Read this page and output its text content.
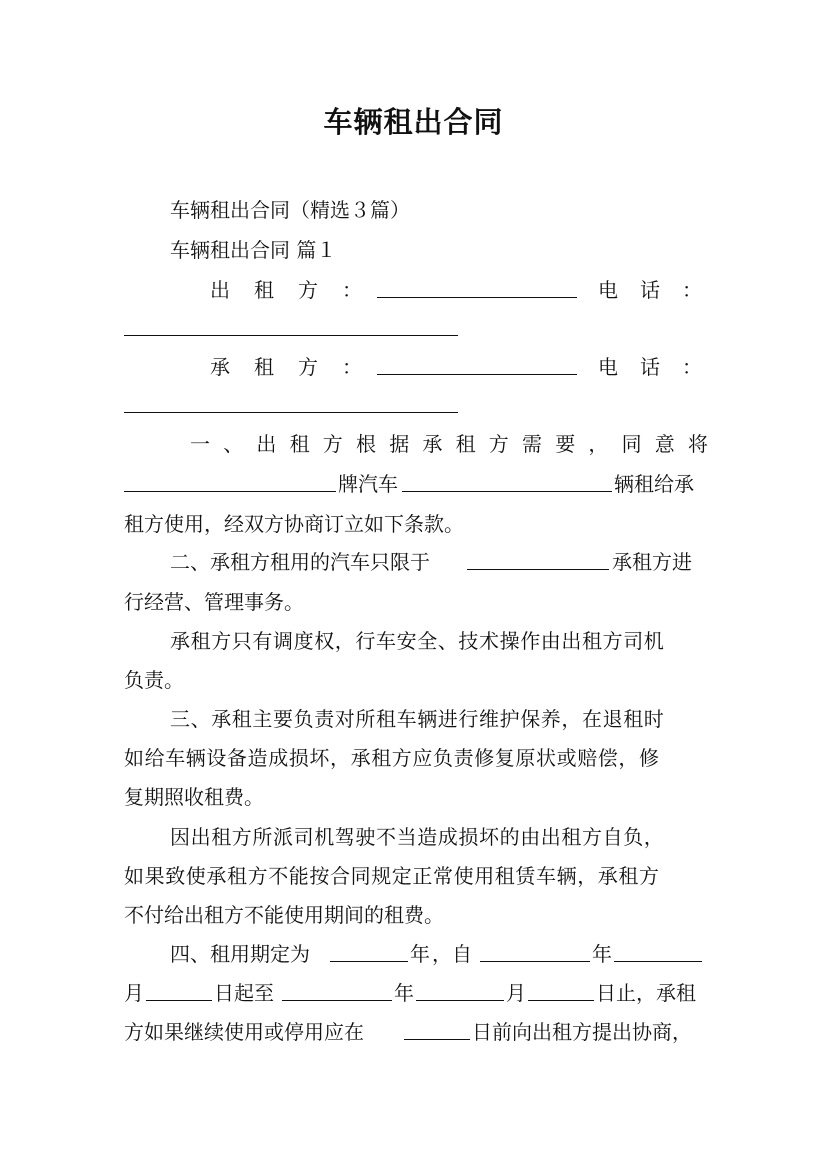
车辆租出合同
车辆租出合同（精选３篇）
车辆租出合同 篇１
出租方：	电话：
承租方：	电话：
一、出租方根据承租方需要，同意将
牌汽车	辆租给承
租方使用，经双方协商订立如下条款。
二、承租方租用的汽车只限于	承租方进
行经营、管理事务。
承租方只有调度权，行车安全、技术操作由出租方司机
负责。
三、承租主要负责对所租车辆进行维护保养，在退租时
如给车辆设备造成损坏，承租方应负责修复原状或赔偿，修
复期照收租费。
因出租方所派司机驾驶不当造成损坏的由出租方自负，
如果致使承租方不能按合同规定正常使用租赁车辆，承租方
不付给出租方不能使用期间的租费。
四、租用期定为	年 ，自	年
月	日起至	年	月	日止，承租
方如果继续使用或停用应在	日前向出租方提出协商，
